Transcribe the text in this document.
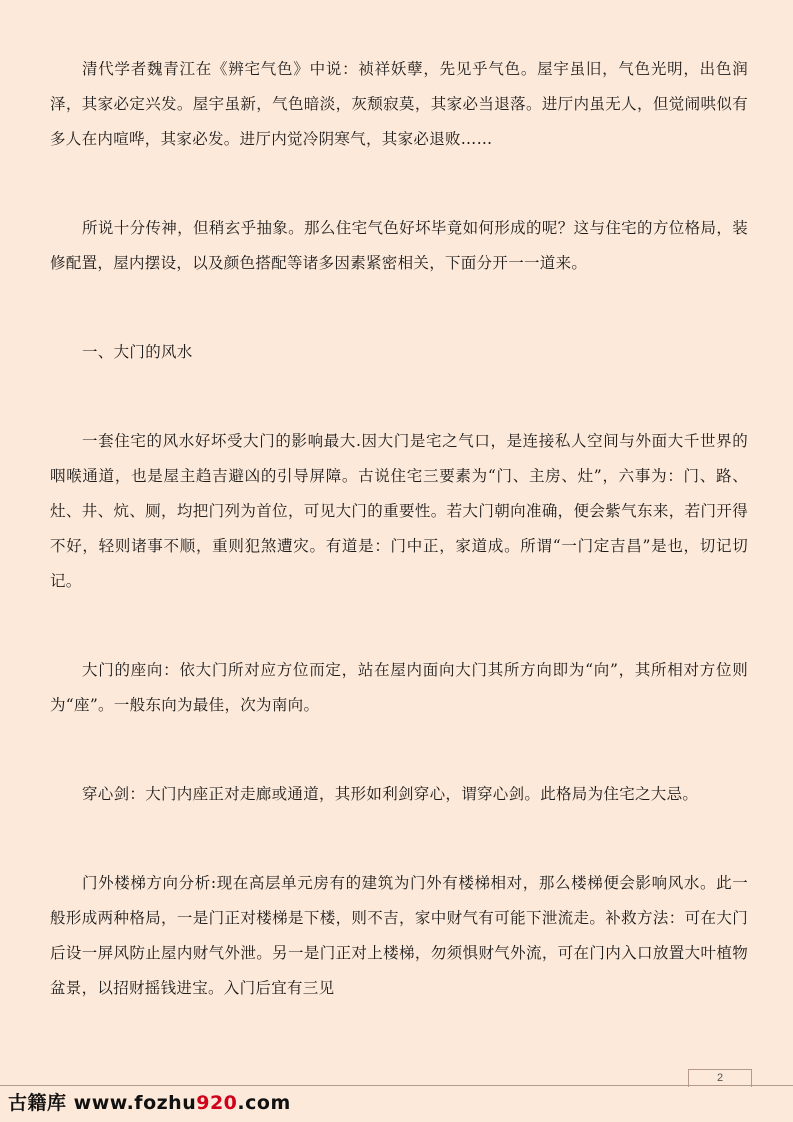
清代学者魏青江在《辨宅气色》中说：祯祥妖孽，先见乎气色。屋宇虽旧，气色光明，出色润泽，其家必定兴发。屋宇虽新，气色暗淡，灰颓寂莫，其家必当退落。进厅内虽无人，但觉闹哄似有多人在内喧哗，其家必发。进厅内觉冷阴寒气，其家必退败……

所说十分传神，但稍玄乎抽象。那么住宅气色好坏毕竟如何形成的呢？这与住宅的方位格局，装修配置，屋内摆设，以及颜色搭配等诸多因素紧密相关，下面分开一一道来。

一、大门的风水

一套住宅的风水好坏受大门的影响最大.因大门是宅之气口，是连接私人空间与外面大千世界的咽喉通道，也是屋主趋吉避凶的引导屏障。古说住宅三要素为“门、主房、灶”，六事为：门、路、灶、井、炕、厕，均把门列为首位，可见大门的重要性。若大门朝向准确，便会紫气东来，若门开得不好，轻则诸事不顺，重则犯煞遭灾。有道是：门中正，家道成。所谓“一门定吉昌”是也，切记切记。

大门的座向：依大门所对应方位而定，站在屋内面向大门其所方向即为“向”，其所相对方位则为“座”。一般东向为最佳，次为南向。

穿心剑：大门内座正对走廊或通道，其形如利剑穿心，谓穿心剑。此格局为住宅之大忌。

门外楼梯方向分析:现在高层单元房有的建筑为门外有楼梯相对，那么楼梯便会影响风水。此一般形成两种格局，一是门正对楼梯是下楼，则不吉，家中财气有可能下泄流走。补救方法：可在大门后设一屏风防止屋内财气外泄。另一是门正对上楼梯，勿须惧财气外流，可在门内入口放置大叶植物盆景，以招财摇钱进宝。入门后宜有三见

2
古籍库 www.fozhu920.com
